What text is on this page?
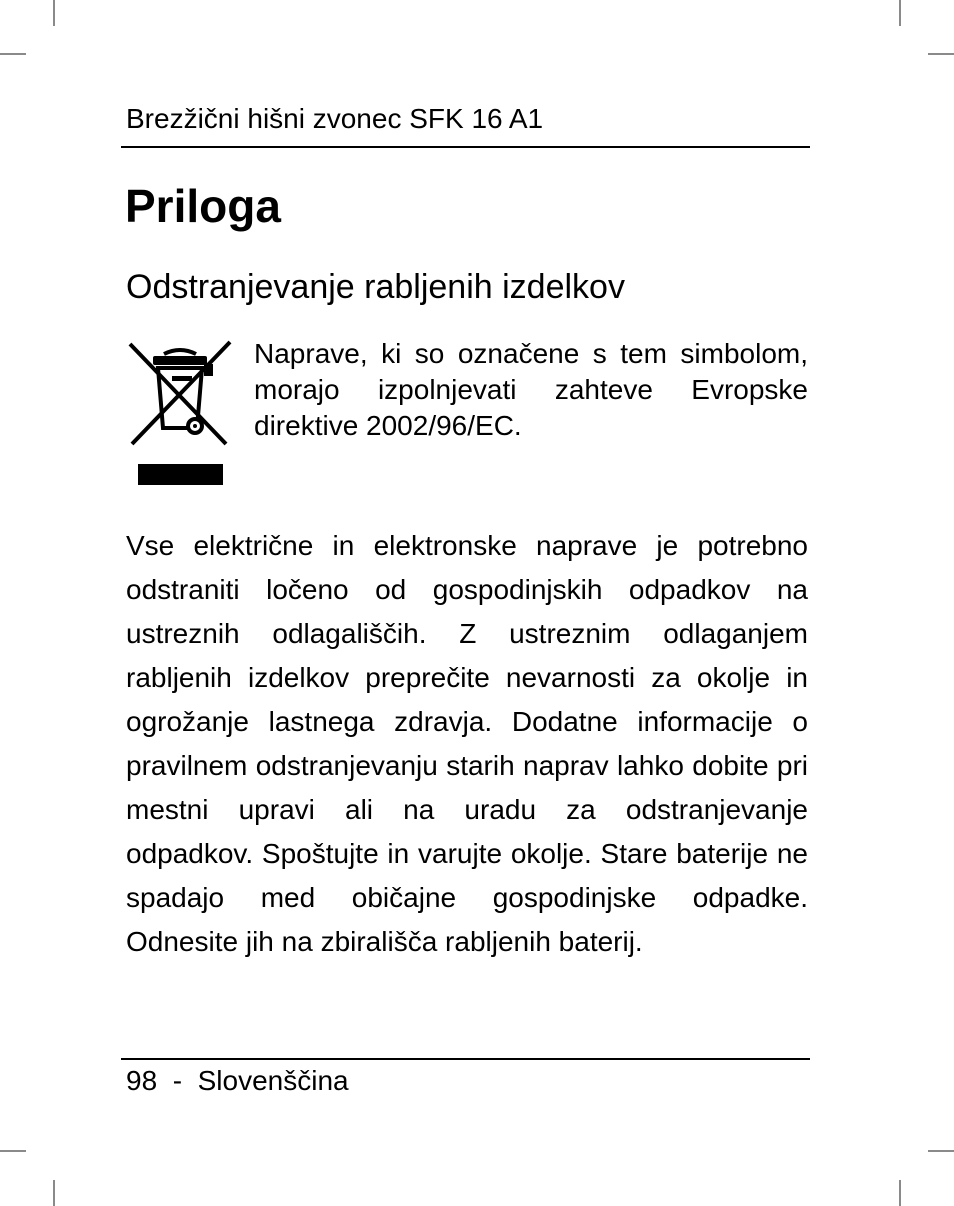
Brezžični hišni zvonec SFK 16 A1
Priloga
Odstranjevanje rabljenih izdelkov

Naprave, ki so označene s tem simbolom, morajo izpolnjevati zahteve Evropske direktive 2002/96/EC.

Vse električne in elektronske naprave je potrebno odstraniti ločeno od gospodinjskih odpadkov na ustreznih odlagališčih. Z ustreznim odlaganjem rabljenih izdelkov preprečite nevarnosti za okolje in ogrožanje lastnega zdravja. Dodatne informacije o pravilnem odstranjevanju starih naprav lahko dobite pri mestni upravi ali na uradu za odstranjevanje odpadkov. Spoštujte in varujte okolje. Stare baterije ne spadajo med običajne gospodinjske odpadke. Odnesite jih na zbirališča rabljenih baterij.

98 - Slovenščina
